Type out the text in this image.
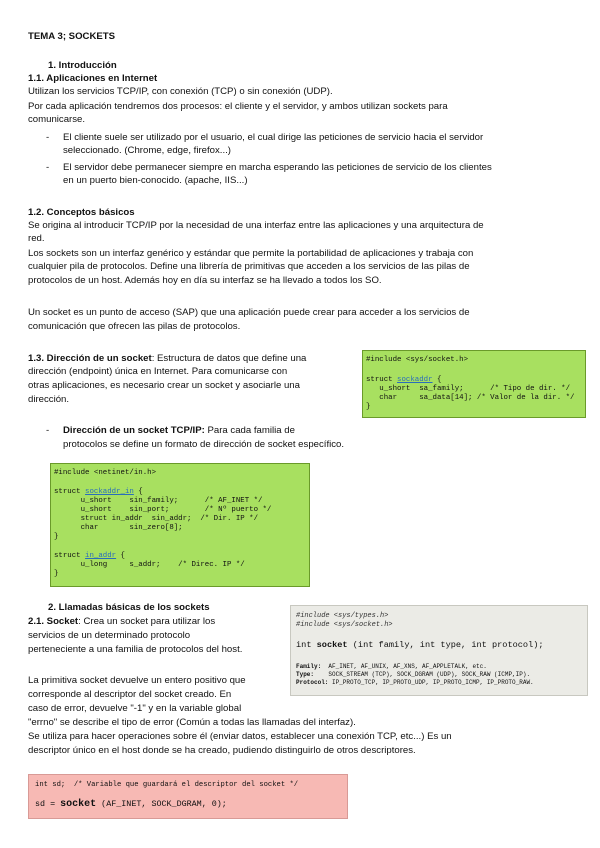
TEMA 3; SOCKETS
1. Introducción
1.1. Aplicaciones en Internet
Utilizan los servicios TCP/IP, con conexión (TCP) o sin conexión (UDP).
Por cada aplicación tendremos dos procesos: el cliente y el servidor, y ambos utilizan sockets para
comunicarse.
- El cliente suele ser utilizado por el usuario, el cual dirige las peticiones de servicio hacia el servidor
seleccionado. (Chrome, edge, firefox...)
- El servidor debe permanecer siempre en marcha esperando las peticiones de servicio de los clientes
en un puerto bien-conocido. (apache, IIS...)
1.2. Conceptos básicos
Se origina al introducir TCP/IP por la necesidad de una interfaz entre las aplicaciones y una arquitectura de
red.
Los sockets son un interfaz genérico y estándar que permite la portabilidad de aplicaciones y trabaja con
cualquier pila de protocolos. Define una librería de primitivas que acceden a los servicios de las pilas de
protocolos de un host. Además hoy en día su interfaz se ha llevado a todos los SO.
Un socket es un punto de acceso (SAP) que una aplicación puede crear para acceder a los servicios de
comunicación que ofrecen las pilas de protocolos.
1.3. Dirección de un socket: Estructura de datos que define una
dirección (endpoint) única en Internet. Para comunicarse con
otras aplicaciones, es necesario crear un socket y asociarle una
dirección.
#include <sys/socket.h>
struct sockaddr {
u_short  sa_family;      /* Tipo de dir. */
char     sa_data[14]; /* Valor de la dir. */
}
- Dirección de un socket TCP/IP: Para cada familia de
protocolos se define un formato de dirección de socket específico.
#include <netinet/in.h>
struct sockaddr_in {
u_short    sin_family;      /* AF_INET */
u_short    sin_port;        /* Nº puerto */
struct in_addr  sin_addr;  /* Dir. IP */
char       sin_zero[8];
}
struct in_addr {
u_long     s_addr;    /* Direc. IP */
}
2. Llamadas básicas de los sockets
2.1. Socket: Crea un socket para utilizar los
servicios de un determinado protocolo
perteneciente a una familia de protocolos del host.
#include <sys/types.h>
#include <sys/socket.h>
int socket (int family, int type, int protocol);
Family:  AF_INET, AF_UNIX, AF_XNS, AF_APPLETALK, etc.
Type:    SOCK_STREAM (TCP), SOCK_DGRAM (UDP), SOCK_RAW (ICMP,IP).
Protocol: IP_PROTO_TCP, IP_PROTO_UDP, IP_PROTO_ICMP, IP_PROTO_RAW.
La primitiva socket devuelve un entero positivo que
corresponde al descriptor del socket creado. En
caso de error, devuelve "-1" y en la variable global
"errno" se describe el tipo de error (Común a todas las llamadas del interfaz).
Se utiliza para hacer operaciones sobre él (enviar datos, establecer una conexión TCP, etc...) Es un
descriptor único en el host donde se ha creado, pudiendo distinguirlo de otros descriptores.
int sd;  /* Variable que guardará el descriptor del socket */
sd = socket (AF_INET, SOCK_DGRAM, 0);
